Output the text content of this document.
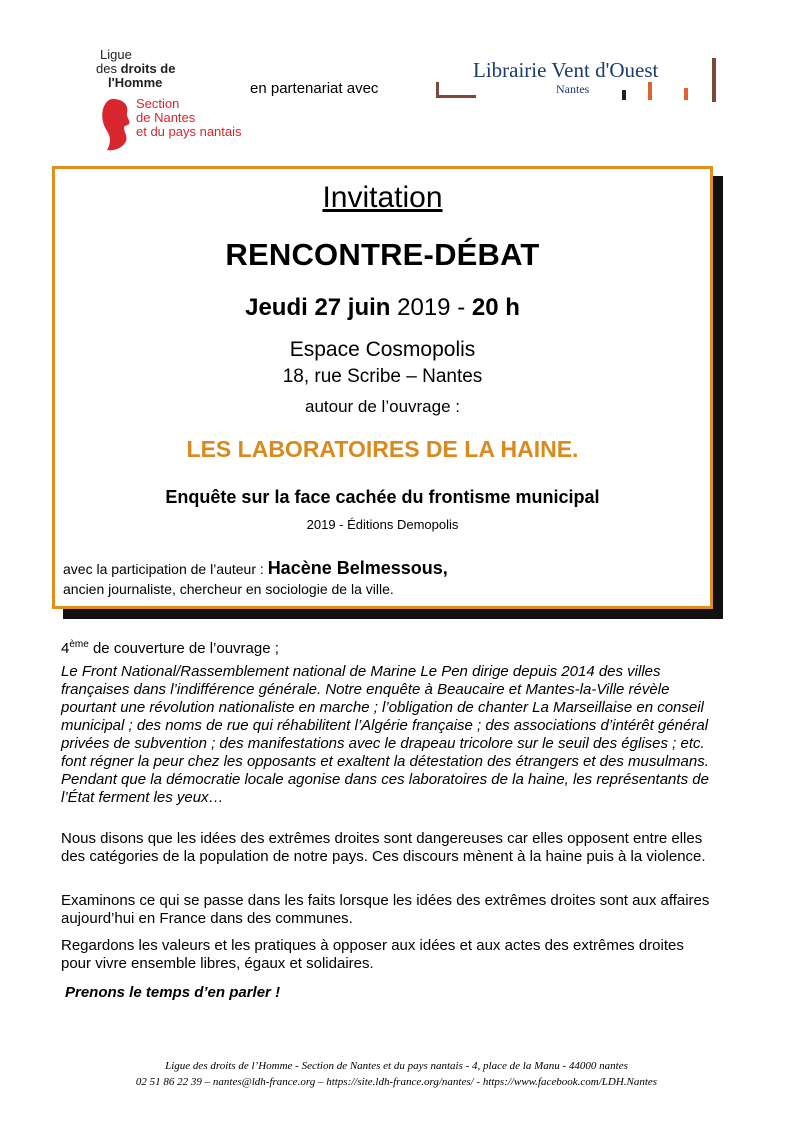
Ligue
des droits de
l'Homme
Section
de Nantes
et du pays nantais
en partenariat avec
Librairie Vent d'Ouest
Nantes
Invitation
RENCONTRE-DÉBAT
Jeudi 27 juin 2019 - 20 h
Espace Cosmopolis
18, rue Scribe – Nantes
autour de l’ouvrage :
LES LABORATOIRES DE LA HAINE.
Enquête sur la face cachée du frontisme municipal
2019 - Éditions Demopolis
avec la participation de l’auteur : Hacène Belmessous,
ancien journaliste, chercheur en sociologie de la ville.
4ème de couverture de l’ouvrage ;
Le Front National/Rassemblement national de Marine Le Pen dirige depuis 2014 des villes françaises dans l’indifférence générale. Notre enquête à Beaucaire et Mantes-la-Ville révèle pourtant une révolution nationaliste en marche ; l’obligation de chanter La Marseillaise en conseil municipal ; des noms de rue qui réhabilitent l’Algérie française ; des associations d’intérêt général privées de subvention ; des manifestations avec le drapeau tricolore sur le seuil des églises ; etc. font régner la peur chez les opposants et exaltent la détestation des étrangers et des musulmans. Pendant que la démocratie locale agonise dans ces laboratoires de la haine, les représentants de l’État ferment les yeux…
Nous disons que les idées des extrêmes droites sont dangereuses car elles opposent entre elles des catégories de la population de notre pays. Ces discours mènent à la haine puis à la violence.
Examinons ce qui se passe dans les faits lorsque les idées des extrêmes droites sont aux affaires aujourd’hui en France dans des communes.
Regardons les valeurs et les pratiques à opposer aux idées et aux actes des extrêmes droites pour vivre ensemble libres, égaux et solidaires.
Prenons le temps d’en parler !
Ligue des droits de l’Homme - Section de Nantes et du pays nantais - 4, place de la Manu - 44000 nantes
02 51 86 22 39 – nantes@ldh-france.org – https://site.ldh-france.org/nantes/ - https://www.facebook.com/LDH.Nantes
